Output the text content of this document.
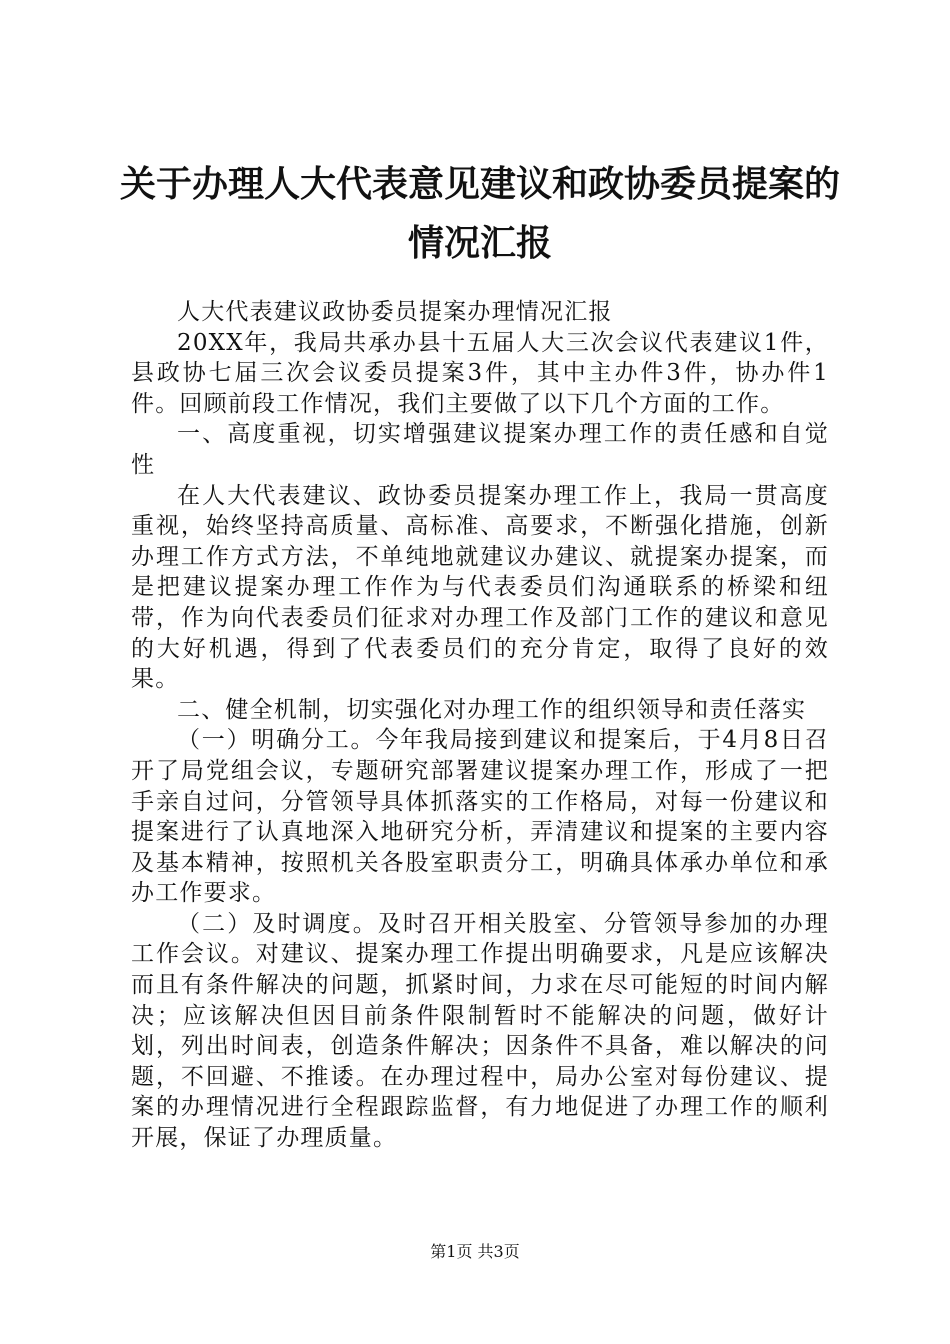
关于办理人大代表意见建议和政协委员提案的
情况汇报

人大代表建议政协委员提案办理情况汇报

20XX年，我局共承办县十五届人大三次会议代表建议1件，县政协七届三次会议委员提案3件，其中主办件3件，协办件1件。回顾前段工作情况，我们主要做了以下几个方面的工作。

一、高度重视，切实增强建议提案办理工作的责任感和自觉性

在人大代表建议、政协委员提案办理工作上，我局一贯高度重视，始终坚持高质量、高标准、高要求，不断强化措施，创新办理工作方式方法，不单纯地就建议办建议、就提案办提案，而是把建议提案办理工作作为与代表委员们沟通联系的桥梁和纽带，作为向代表委员们征求对办理工作及部门工作的建议和意见的大好机遇，得到了代表委员们的充分肯定，取得了良好的效果。

二、健全机制，切实强化对办理工作的组织领导和责任落实

（一）明确分工。今年我局接到建议和提案后，于4月8日召开了局党组会议，专题研究部署建议提案办理工作，形成了一把手亲自过问，分管领导具体抓落实的工作格局，对每一份建议和提案进行了认真地深入地研究分析，弄清建议和提案的主要内容及基本精神，按照机关各股室职责分工，明确具体承办单位和承办工作要求。

（二）及时调度。及时召开相关股室、分管领导参加的办理工作会议。对建议、提案办理工作提出明确要求，凡是应该解决而且有条件解决的问题，抓紧时间，力求在尽可能短的时间内解决；应该解决但因目前条件限制暂时不能解决的问题，做好计划，列出时间表，创造条件解决；因条件不具备，难以解决的问题，不回避、不推诿。在办理过程中，局办公室对每份建议、提案的办理情况进行全程跟踪监督，有力地促进了办理工作的顺利开展，保证了办理质量。

第1页 共3页
